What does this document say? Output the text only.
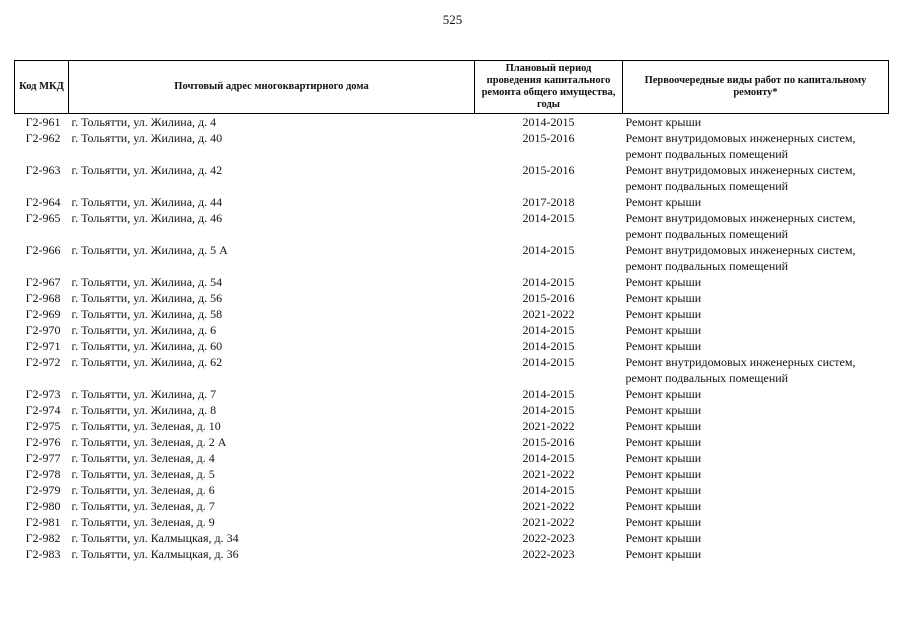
525
Код МКД	Почтовый адрес многоквартирного дома	Плановый период проведения капитального ремонта общего имущества, годы	Первоочередные виды работ по капитальному ремонту*
Г2-961	г. Тольятти, ул. Жилина, д. 4	2014-2015	Ремонт крыши
Г2-962	г. Тольятти, ул. Жилина, д. 40	2015-2016	Ремонт внутридомовых инженерных систем, ремонт подвальных помещений
Г2-963	г. Тольятти, ул. Жилина, д. 42	2015-2016	Ремонт внутридомовых инженерных систем, ремонт подвальных помещений
Г2-964	г. Тольятти, ул. Жилина, д. 44	2017-2018	Ремонт крыши
Г2-965	г. Тольятти, ул. Жилина, д. 46	2014-2015	Ремонт внутридомовых инженерных систем, ремонт подвальных помещений
Г2-966	г. Тольятти, ул. Жилина, д. 5 А	2014-2015	Ремонт внутридомовых инженерных систем, ремонт подвальных помещений
Г2-967	г. Тольятти, ул. Жилина, д. 54	2014-2015	Ремонт крыши
Г2-968	г. Тольятти, ул. Жилина, д. 56	2015-2016	Ремонт крыши
Г2-969	г. Тольятти, ул. Жилина, д. 58	2021-2022	Ремонт крыши
Г2-970	г. Тольятти, ул. Жилина, д. 6	2014-2015	Ремонт крыши
Г2-971	г. Тольятти, ул. Жилина, д. 60	2014-2015	Ремонт крыши
Г2-972	г. Тольятти, ул. Жилина, д. 62	2014-2015	Ремонт внутридомовых инженерных систем, ремонт подвальных помещений
Г2-973	г. Тольятти, ул. Жилина, д. 7	2014-2015	Ремонт крыши
Г2-974	г. Тольятти, ул. Жилина, д. 8	2014-2015	Ремонт крыши
Г2-975	г. Тольятти, ул. Зеленая, д. 10	2021-2022	Ремонт крыши
Г2-976	г. Тольятти, ул. Зеленая, д. 2 А	2015-2016	Ремонт крыши
Г2-977	г. Тольятти, ул. Зеленая, д. 4	2014-2015	Ремонт крыши
Г2-978	г. Тольятти, ул. Зеленая, д. 5	2021-2022	Ремонт крыши
Г2-979	г. Тольятти, ул. Зеленая, д. 6	2014-2015	Ремонт крыши
Г2-980	г. Тольятти, ул. Зеленая, д. 7	2021-2022	Ремонт крыши
Г2-981	г. Тольятти, ул. Зеленая, д. 9	2021-2022	Ремонт крыши
Г2-982	г. Тольятти, ул. Калмыцкая, д. 34	2022-2023	Ремонт крыши
Г2-983	г. Тольятти, ул. Калмыцкая, д. 36	2022-2023	Ремонт крыши
